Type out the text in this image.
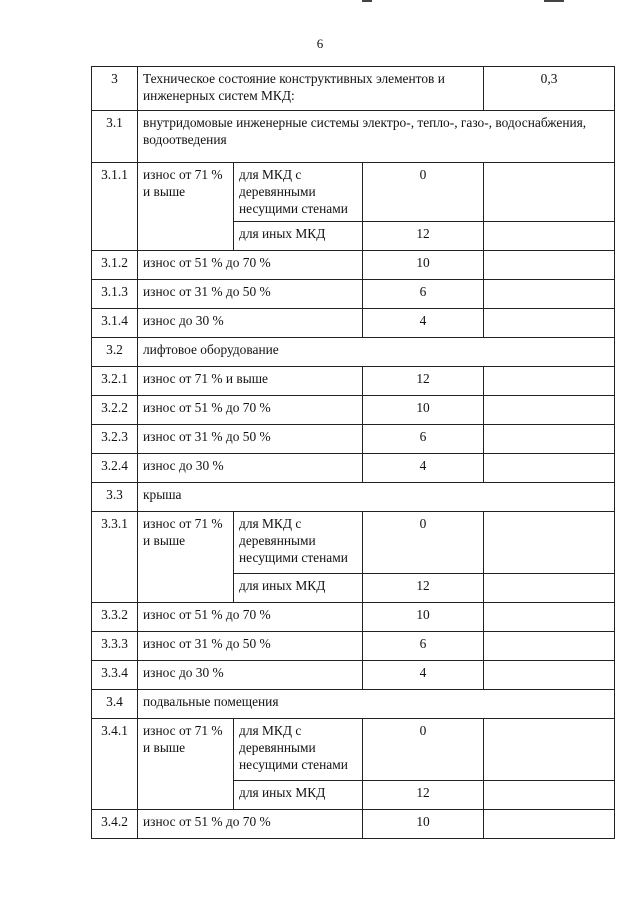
6
3	Техническое состояние конструктивных элементов и инженерных систем МКД:			0,3
3.1	внутридомовые инженерные системы электро-, тепло-, газо-, водоснабжения, водоотведения			
3.1.1	износ от 71 % и выше	для МКД с деревянными несущими стенами	0	
		для иных МКД	12	
3.1.2	износ от 51 % до 70 %		10	
3.1.3	износ от 31 % до 50 %		6	
3.1.4	износ до 30 %		4	
3.2	лифтовое оборудование			
3.2.1	износ от 71 % и выше		12	
3.2.2	износ от 51 % до 70 %		10	
3.2.3	износ от 31 % до 50 %		6	
3.2.4	износ до 30 %		4	
3.3	крыша			
3.3.1	износ от 71 % и выше	для МКД с деревянными несущими стенами	0	
		для иных МКД	12	
3.3.2	износ от 51 % до 70 %		10	
3.3.3	износ от 31 % до 50 %		6	
3.3.4	износ до 30 %		4	
3.4	подвальные помещения			
3.4.1	износ от 71 % и выше	для МКД с деревянными несущими стенами	0	
		для иных МКД	12	
3.4.2	износ от 51 % до 70 %		10	
